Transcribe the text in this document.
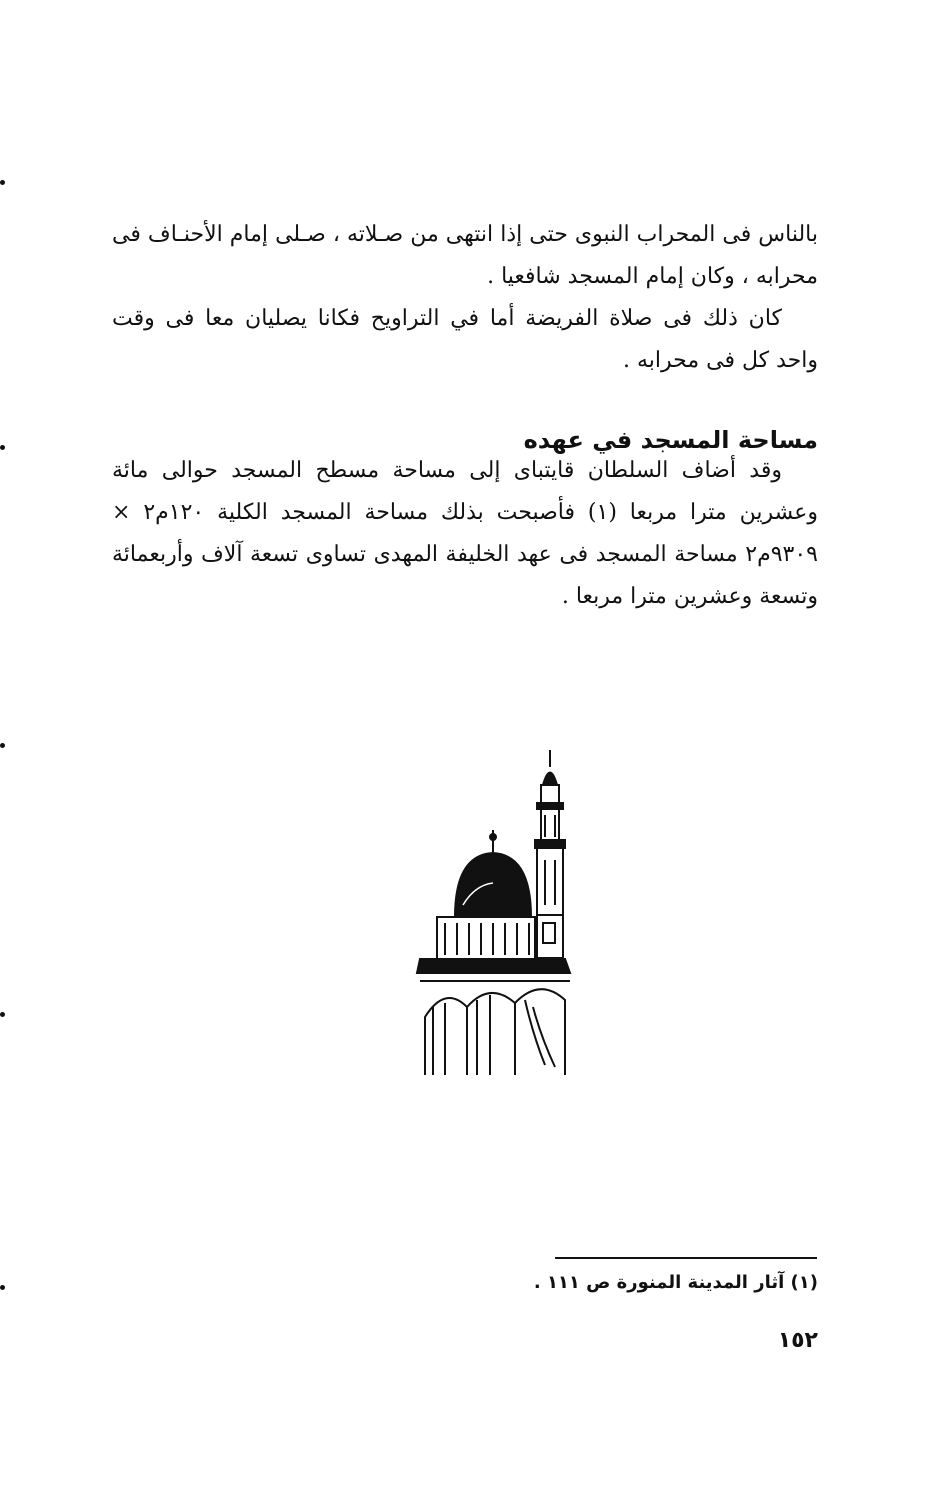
بالناس فى المحراب النبوى حتى إذا انتهى من صـلاته ، صـلى إمام الأحنـاف فى محرابه ، وكان إمام المسجد شافعيا .

كان ذلك فى صلاة الفريضة أما في التراويح فكانا يصليان معا فى وقت واحد كل فى محرابه .

مساحة المسجد في عهده

وقد أضاف السلطان قايتباى إلى مساحة مسطح المسجد حوالى مائة وعشرين مترا مربعا (١) فأصبحت بذلك مساحة المسجد الكلية ١٢٠م٢ × ٩٣٠٩م٢ مساحة المسجد فى عهد الخليفة المهدى تساوى تسعة آلاف وأربعمائة وتسعة وعشرين مترا مربعا .

(١) آثار المدينة المنورة ص ١١١ .
١٥٢
